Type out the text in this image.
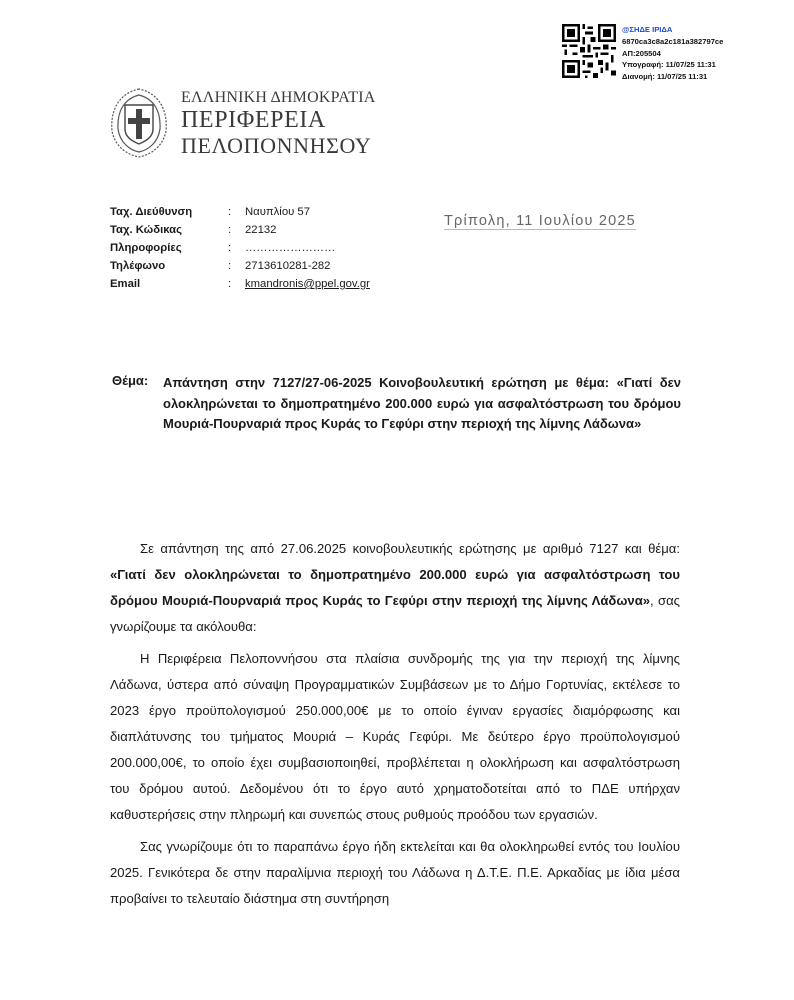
@ΣΗΔΕ ΙΡΙΔΑ
6870ca3c8a2c181a382797ce
ΑΠ:205504
Υπογραφή: 11/07/25 11:31
Διανομή: 11/07/25 11:31
ΕΛΛΗΝΙΚΗ ΔΗΜΟΚΡΑΤΙΑ
ΠΕΡΙΦΕΡΕΙΑ
ΠΕΛΟΠΟΝΝΗΣΟΥ
Ταχ. Διεύθυνση	: Ναυπλίου 57
Ταχ. Κώδικας	: 22132
Πληροφορίες	: ……………………
Τηλέφωνο	: 2713610281-282
Email	: kmandronis@ppel.gov.gr
Τρίπολη, 11 Ιουλίου 2025
Θέμα: Απάντηση στην 7127/27-06-2025 Κοινοβουλευτική ερώτηση με θέμα: «Γιατί δεν ολοκληρώνεται το δημοπρατημένο 200.000 ευρώ για ασφαλτόστρωση του δρόμου Μουριά-Πουρναριά προς Κυράς το Γεφύρι στην περιοχή της λίμνης Λάδωνα»

Σε απάντηση της από 27.06.2025 κοινοβουλευτικής ερώτησης με αριθμό 7127 και θέμα: «Γιατί δεν ολοκληρώνεται το δημοπρατημένο 200.000 ευρώ για ασφαλτόστρωση του δρόμου Μουριά-Πουρναριά προς Κυράς το Γεφύρι στην περιοχή της λίμνης Λάδωνα», σας γνωρίζουμε τα ακόλουθα:

Η Περιφέρεια Πελοποννήσου στα πλαίσια συνδρομής της για την περιοχή της λίμνης Λάδωνα, ύστερα από σύναψη Προγραμματικών Συμβάσεων με το Δήμο Γορτυνίας, εκτέλεσε το 2023 έργο προϋπολογισμού 250.000,00€ με το οποίο έγιναν εργασίες διαμόρφωσης και διαπλάτυνσης του τμήματος Μουριά – Κυράς Γεφύρι. Με δεύτερο έργο προϋπολογισμού 200.000,00€, το οποίο έχει συμβασιοποιηθεί, προβλέπεται η ολοκλήρωση και ασφαλτόστρωση του δρόμου αυτού. Δεδομένου ότι το έργο αυτό χρηματοδοτείται από το ΠΔΕ υπήρχαν καθυστερήσεις στην πληρωμή και συνεπώς στους ρυθμούς προόδου των εργασιών.

Σας γνωρίζουμε ότι το παραπάνω έργο ήδη εκτελείται και θα ολοκληρωθεί εντός του Ιουλίου 2025. Γενικότερα δε στην παραλίμνια περιοχή του Λάδωνα η Δ.Τ.Ε. Π.Ε. Αρκαδίας με ίδια μέσα προβαίνει το τελευταίο διάστημα στη συντήρηση
